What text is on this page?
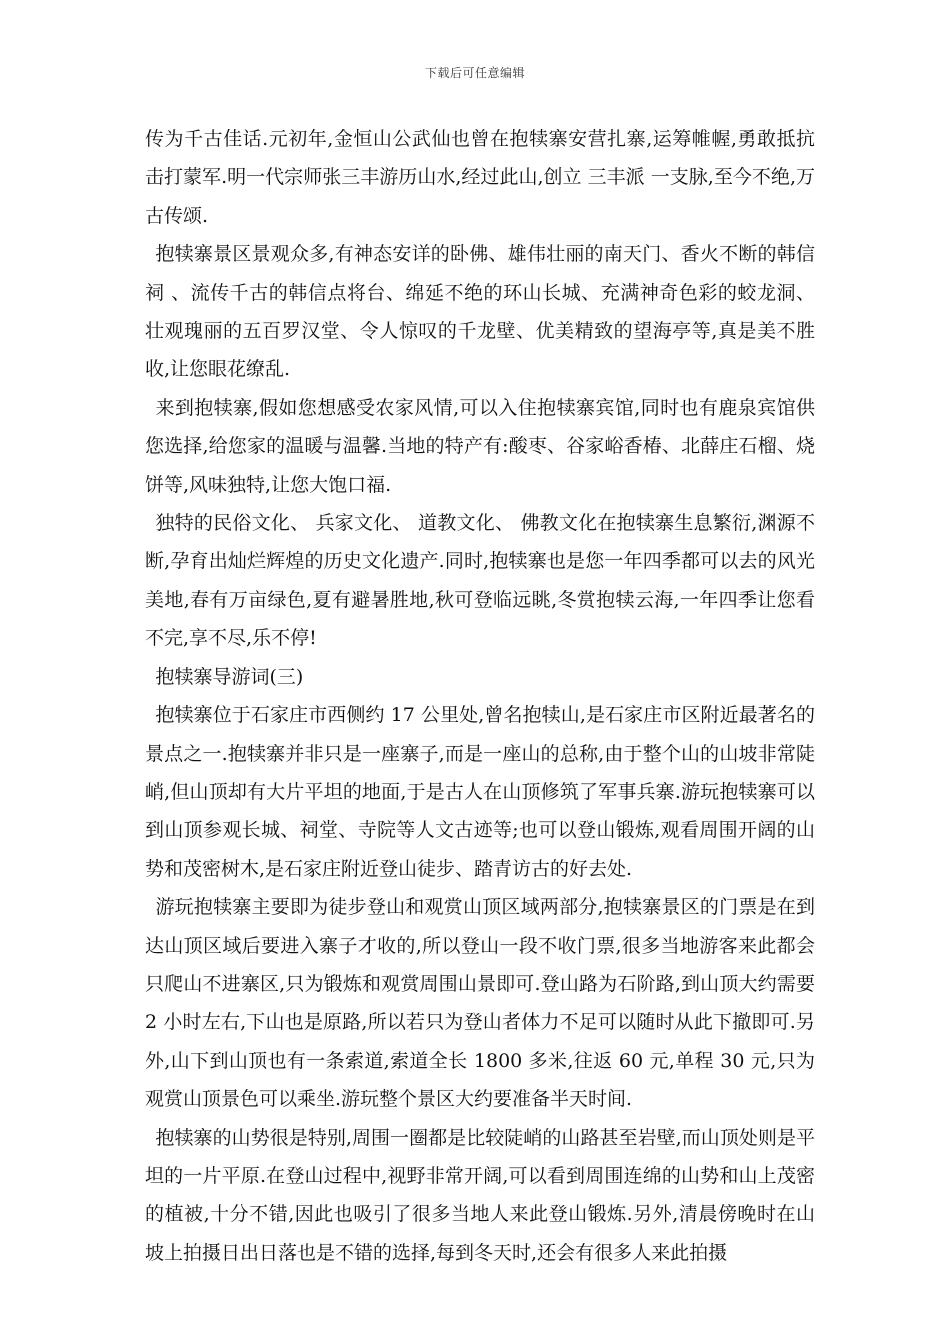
下载后可任意编辑

传为千古佳话.元初年,金恒山公武仙也曾在抱犊寨安营扎寨,运筹帷幄,勇敢抵抗击打蒙军.明一代宗师张三丰游历山水,经过此山,创立 三丰派 一支脉,至今不绝,万古传颂.

抱犊寨景区景观众多,有神态安详的卧佛、雄伟壮丽的南天门、香火不断的韩信祠 、流传千古的韩信点将台、绵延不绝的环山长城、充满神奇色彩的蛟龙洞、壮观瑰丽的五百罗汉堂、令人惊叹的千龙壁、优美精致的望海亭等,真是美不胜收,让您眼花缭乱.

来到抱犊寨,假如您想感受农家风情,可以入住抱犊寨宾馆,同时也有鹿泉宾馆供您选择,给您家的温暖与温馨.当地的特产有:酸枣、谷家峪香椿、北薛庄石榴、烧饼等,风味独特,让您大饱口福.

独特的民俗文化、 兵家文化、 道教文化、 佛教文化在抱犊寨生息繁衍,渊源不断,孕育出灿烂辉煌的历史文化遗产.同时,抱犊寨也是您一年四季都可以去的风光美地,春有万亩绿色,夏有避暑胜地,秋可登临远眺,冬赏抱犊云海,一年四季让您看不完,享不尽,乐不停!

抱犊寨导游词(三)

抱犊寨位于石家庄市西侧约 17 公里处,曾名抱犊山,是石家庄市区附近最著名的景点之一.抱犊寨并非只是一座寨子,而是一座山的总称,由于整个山的山坡非常陡峭,但山顶却有大片平坦的地面,于是古人在山顶修筑了军事兵寨.游玩抱犊寨可以到山顶参观长城、祠堂、寺院等人文古迹等;也可以登山锻炼,观看周围开阔的山势和茂密树木,是石家庄附近登山徒步、踏青访古的好去处.

游玩抱犊寨主要即为徒步登山和观赏山顶区域两部分,抱犊寨景区的门票是在到达山顶区域后要进入寨子才收的,所以登山一段不收门票,很多当地游客来此都会只爬山不进寨区,只为锻炼和观赏周围山景即可.登山路为石阶路,到山顶大约需要 2 小时左右,下山也是原路,所以若只为登山者体力不足可以随时从此下撤即可.另外,山下到山顶也有一条索道,索道全长 1800 多米,往返 60 元,单程 30 元,只为观赏山顶景色可以乘坐.游玩整个景区大约要准备半天时间.

抱犊寨的山势很是特别,周围一圈都是比较陡峭的山路甚至岩壁,而山顶处则是平坦的一片平原.在登山过程中,视野非常开阔,可以看到周围连绵的山势和山上茂密的植被,十分不错,因此也吸引了很多当地人来此登山锻炼.另外,清晨傍晚时在山坡上拍摄日出日落也是不错的选择,每到冬天时,还会有很多人来此拍摄
